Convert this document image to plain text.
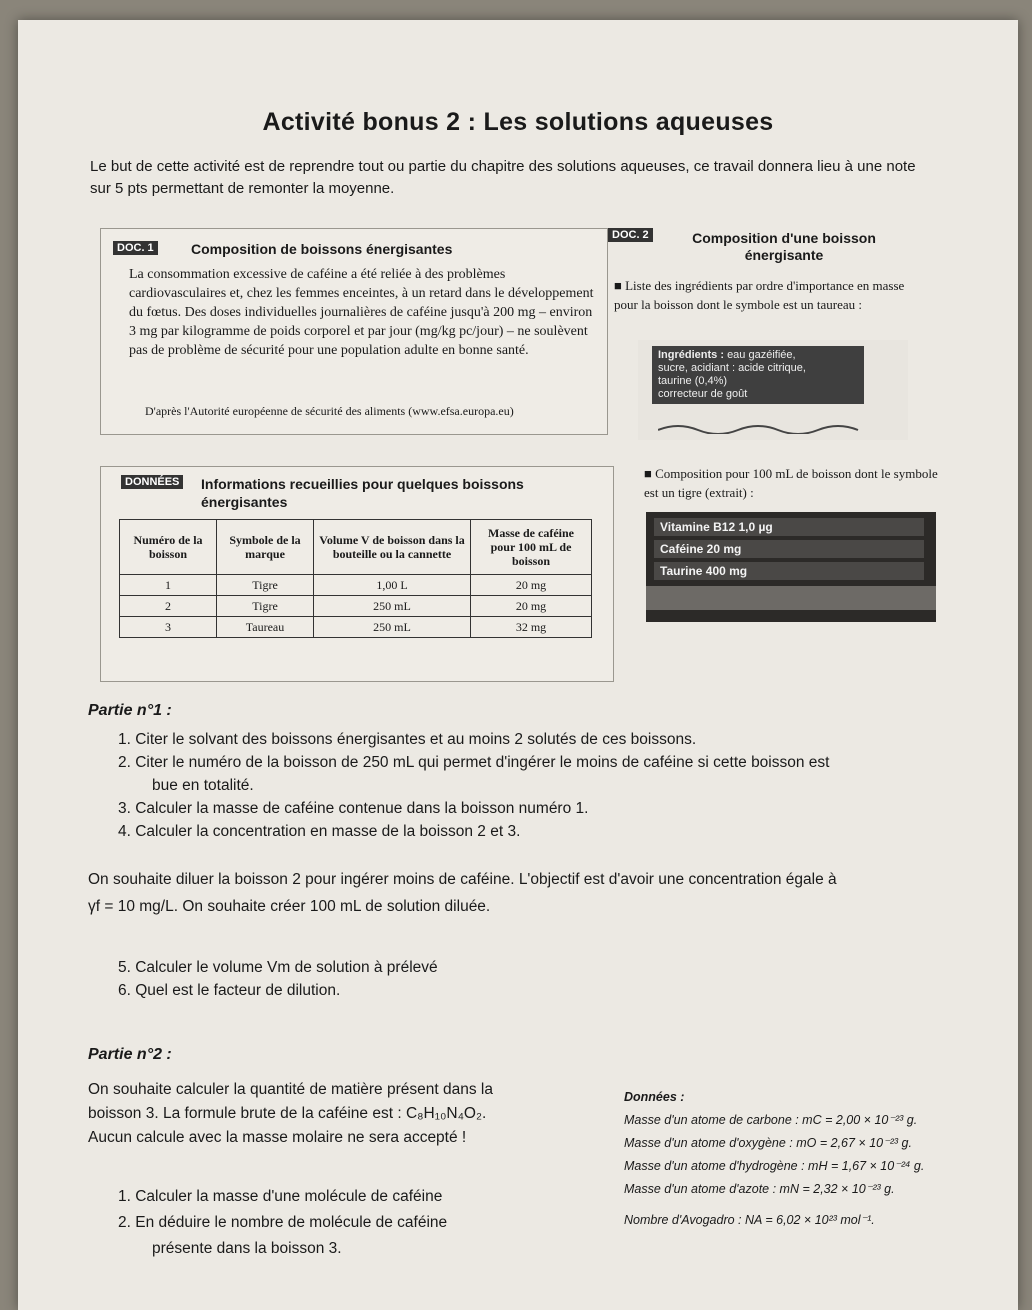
Activité bonus 2 : Les solutions aqueuses
Le but de cette activité est de reprendre tout ou partie du chapitre des solutions aqueuses, ce travail donnera lieu à une note sur 5 pts permettant de remonter la moyenne.
DOC. 1	Composition de boissons énergisantes
La consommation excessive de caféine a été reliée à des problèmes cardiovasculaires et, chez les femmes enceintes, à un retard dans le développement du fœtus. Des doses individuelles journalières de caféine jusqu'à 200 mg – environ 3 mg par kilogramme de poids corporel et par jour (mg/kg pc/jour) – ne soulèvent pas de problème de sécurité pour une population adulte en bonne santé.
D'après l'Autorité européenne de sécurité des aliments (www.efsa.europa.eu)
DOC. 2	Composition d'une boisson énergisante
■ Liste des ingrédients par ordre d'importance en masse pour la boisson dont le symbole est un taureau :
Ingrédients : eau gazéifiée,
sucre, acidiant : acide citrique,
taurine (0,4%)
correcteur de goût
DONNÉES Informations recueillies pour quelques boissons énergisantes
Numéro de la boisson	Symbole de la marque	Volume V de boisson dans la bouteille ou la cannette	Masse de caféine pour 100 mL de boisson
1	Tigre	1,00 L	20 mg
2	Tigre	250 mL	20 mg
3	Taureau	250 mL	32 mg
■ Composition pour 100 mL de boisson dont le symbole est un tigre (extrait) :
Vitamine B12 1,0 µg
Caféine 20 mg
Taurine 400 mg
Partie n°1 :
1. Citer le solvant des boissons énergisantes et au moins 2 solutés de ces boissons.
2. Citer le numéro de la boisson de 250 mL qui permet d'ingérer le moins de caféine si cette boisson est
bue en totalité.
3. Calculer la masse de caféine contenue dans la boisson numéro 1.
4. Calculer la concentration en masse de la boisson 2 et 3.
On souhaite diluer la boisson 2 pour ingérer moins de caféine. L'objectif est d'avoir une concentration égale à
γf = 10 mg/L. On souhaite créer 100 mL de solution diluée.
5. Calculer le volume Vm de solution à prélevé
6. Quel est le facteur de dilution.
Partie n°2 :
On souhaite calculer la quantité de matière présent dans la
boisson 3. La formule brute de la caféine est : C₈H₁₀N₄O₂.
Aucun calcule avec la masse molaire ne sera accepté !
1. Calculer la masse d'une molécule de caféine
2. En déduire le nombre de molécule de caféine
présente dans la boisson 3.
Données :
Masse d'un atome de carbone : mC = 2,00 × 10⁻²³ g.
Masse d'un atome d'oxygène : mO = 2,67 × 10⁻²³ g.
Masse d'un atome d'hydrogène : mH = 1,67 × 10⁻²⁴ g.
Masse d'un atome d'azote : mN = 2,32 × 10⁻²³ g.
Nombre d'Avogadro : NA = 6,02 × 10²³ mol⁻¹.
